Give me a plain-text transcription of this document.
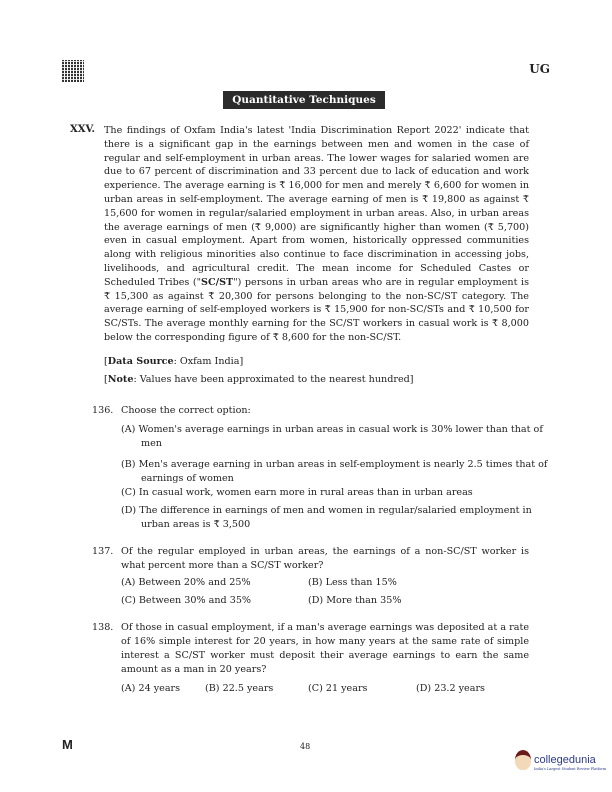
UG
Quantitative Techniques
XXV. The findings of Oxfam India's latest 'India Discrimination Report 2022' indicate that there is a significant gap in the earnings between men and women in the case of regular and self-employment in urban areas. The lower wages for salaried women are due to 67 percent of discrimination and 33 percent due to lack of education and work experience. The average earning is ₹ 16,000 for men and merely ₹ 6,600 for women in urban areas in self-employment. The average earning of men is ₹ 19,800 as against ₹ 15,600 for women in regular/salaried employment in urban areas. Also, in urban areas the average earnings of men (₹ 9,000) are significantly higher than women (₹ 5,700) even in casual employment. Apart from women, historically oppressed communities along with religious minorities also continue to face discrimination in accessing jobs, livelihoods, and agricultural credit. The mean income for Scheduled Castes or Scheduled Tribes ("SC/ST") persons in urban areas who are in regular employment is ₹ 15,300 as against ₹ 20,300 for persons belonging to the non-SC/ST category. The average earning of self-employed workers is ₹ 15,900 for non-SC/STs and ₹ 10,500 for SC/STs. The average monthly earning for the SC/ST workers in casual work is ₹ 8,000 below the corresponding figure of ₹ 8,600 for the non-SC/ST.
[Data Source: Oxfam India]
[Note: Values have been approximated to the nearest hundred]
136. Choose the correct option:
(A) Women's average earnings in urban areas in casual work is 30% lower than that of men
(B) Men's average earning in urban areas in self-employment is nearly 2.5 times that of earnings of women
(C) In casual work, women earn more in rural areas than in urban areas
(D) The difference in earnings of men and women in regular/salaried employment in urban areas is ₹ 3,500
137. Of the regular employed in urban areas, the earnings of a non-SC/ST worker is what percent more than a SC/ST worker?
(A) Between 20% and 25%	(B) Less than 15%
(C) Between 30% and 35%	(D) More than 35%
138. Of those in casual employment, if a man's average earnings was deposited at a rate of 16% simple interest for 20 years, in how many years at the same rate of simple interest a SC/ST worker must deposit their average earnings to earn the same amount as a man in 20 years?
(A) 24 years	(B) 22.5 years	(C) 21 years	(D) 23.2 years
M	48
collegedunia
India's Largest Student Review Platform
